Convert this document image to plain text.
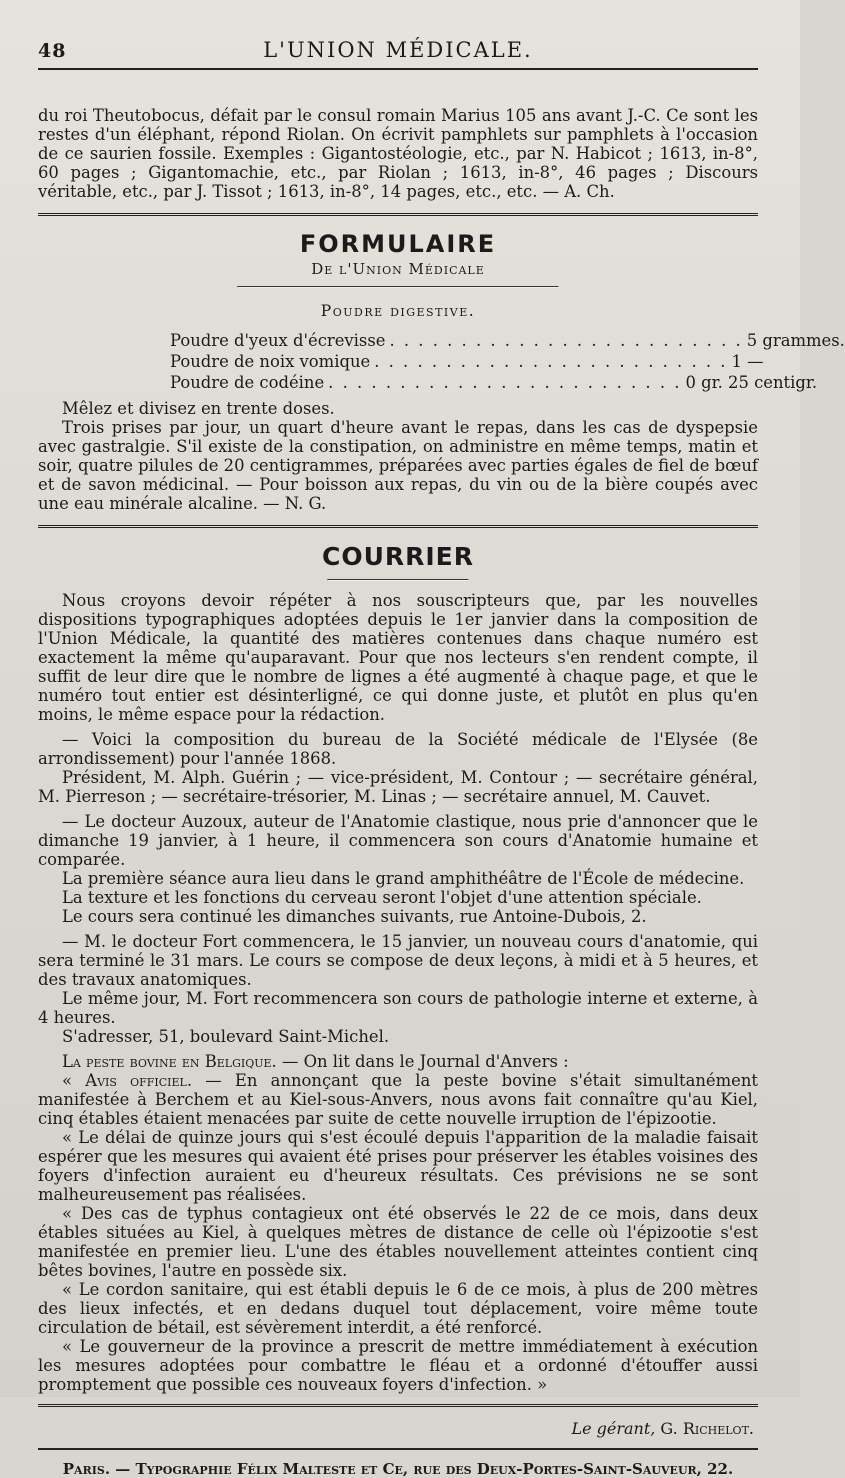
48	L'UNION MÉDICALE.

du roi Theutobocus, défait par le consul romain Marius 105 ans avant J.-C. Ce sont les restes d'un éléphant, répond Riolan. On écrivit pamphlets sur pamphlets à l'occasion de ce saurien fossile. Exemples : Gigantostéologie, etc., par N. Habicot ; 1613, in-8°, 60 pages ; Gigantomachie, etc., par Riolan ; 1613, in-8°, 46 pages ; Discours véritable, etc., par J. Tissot ; 1613, in-8°, 14 pages, etc., etc. — A. Ch.

FORMULAIRE
De l'Union Médicale
Poudre digestive.
Poudre d'yeux d'écrevisse . . . . . . . . . . . . . . . . . . . . . . . . . 5 grammes.
Poudre de noix vomique . . . . . . . . . . . . . . . . . . . . . . . . . 1 —
Poudre de codéine . . . . . . . . . . . . . . . . . . . . . . . . . 0 gr. 25 centigr.

Mêlez et divisez en trente doses.

Trois prises par jour, un quart d'heure avant le repas, dans les cas de dyspepsie avec gastralgie. S'il existe de la constipation, on administre en même temps, matin et soir, quatre pilules de 20 centigrammes, préparées avec parties égales de fiel de bœuf et de savon médicinal. — Pour boisson aux repas, du vin ou de la bière coupés avec une eau minérale alcaline. — N. G.

COURRIER

Nous croyons devoir répéter à nos souscripteurs que, par les nouvelles dispositions typographiques adoptées depuis le 1er janvier dans la composition de l'Union Médicale, la quantité des matières contenues dans chaque numéro est exactement la même qu'auparavant. Pour que nos lecteurs s'en rendent compte, il suffit de leur dire que le nombre de lignes a été augmenté à chaque page, et que le numéro tout entier est désinterligné, ce qui donne juste, et plutôt en plus qu'en moins, le même espace pour la rédaction.

— Voici la composition du bureau de la Société médicale de l'Elysée (8e arrondissement) pour l'année 1868.

Président, M. Alph. Guérin ; — vice-président, M. Contour ; — secrétaire général, M. Pierreson ; — secrétaire-trésorier, M. Linas ; — secrétaire annuel, M. Cauvet.

— Le docteur Auzoux, auteur de l'Anatomie clastique, nous prie d'annoncer que le dimanche 19 janvier, à 1 heure, il commencera son cours d'Anatomie humaine et comparée.

La première séance aura lieu dans le grand amphithéâtre de l'École de médecine.

La texture et les fonctions du cerveau seront l'objet d'une attention spéciale.

Le cours sera continué les dimanches suivants, rue Antoine-Dubois, 2.

— M. le docteur Fort commencera, le 15 janvier, un nouveau cours d'anatomie, qui sera terminé le 31 mars. Le cours se compose de deux leçons, à midi et à 5 heures, et des travaux anatomiques.

Le même jour, M. Fort recommencera son cours de pathologie interne et externe, à 4 heures.

S'adresser, 51, boulevard Saint-Michel.

La peste bovine en Belgique. — On lit dans le Journal d'Anvers :

« Avis officiel. — En annonçant que la peste bovine s'était simultanément manifestée à Berchem et au Kiel-sous-Anvers, nous avons fait connaître qu'au Kiel, cinq étables étaient menacées par suite de cette nouvelle irruption de l'épizootie.

« Le délai de quinze jours qui s'est écoulé depuis l'apparition de la maladie faisait espérer que les mesures qui avaient été prises pour préserver les étables voisines des foyers d'infection auraient eu d'heureux résultats. Ces prévisions ne se sont malheureusement pas réalisées.

« Des cas de typhus contagieux ont été observés le 22 de ce mois, dans deux étables situées au Kiel, à quelques mètres de distance de celle où l'épizootie s'est manifestée en premier lieu. L'une des étables nouvellement atteintes contient cinq bêtes bovines, l'autre en possède six.

« Le cordon sanitaire, qui est établi depuis le 6 de ce mois, à plus de 200 mètres des lieux infectés, et en dedans duquel tout déplacement, voire même toute circulation de bétail, est sévèrement interdit, a été renforcé.

« Le gouverneur de la province a prescrit de mettre immédiatement à exécution les mesures adoptées pour combattre le fléau et a ordonné d'étouffer aussi promptement que possible ces nouveaux foyers d'infection. »

Le gérant, G. Richelot.
Paris. — Typographie Félix Malteste et Ce, rue des Deux-Portes-Saint-Sauveur, 22.
